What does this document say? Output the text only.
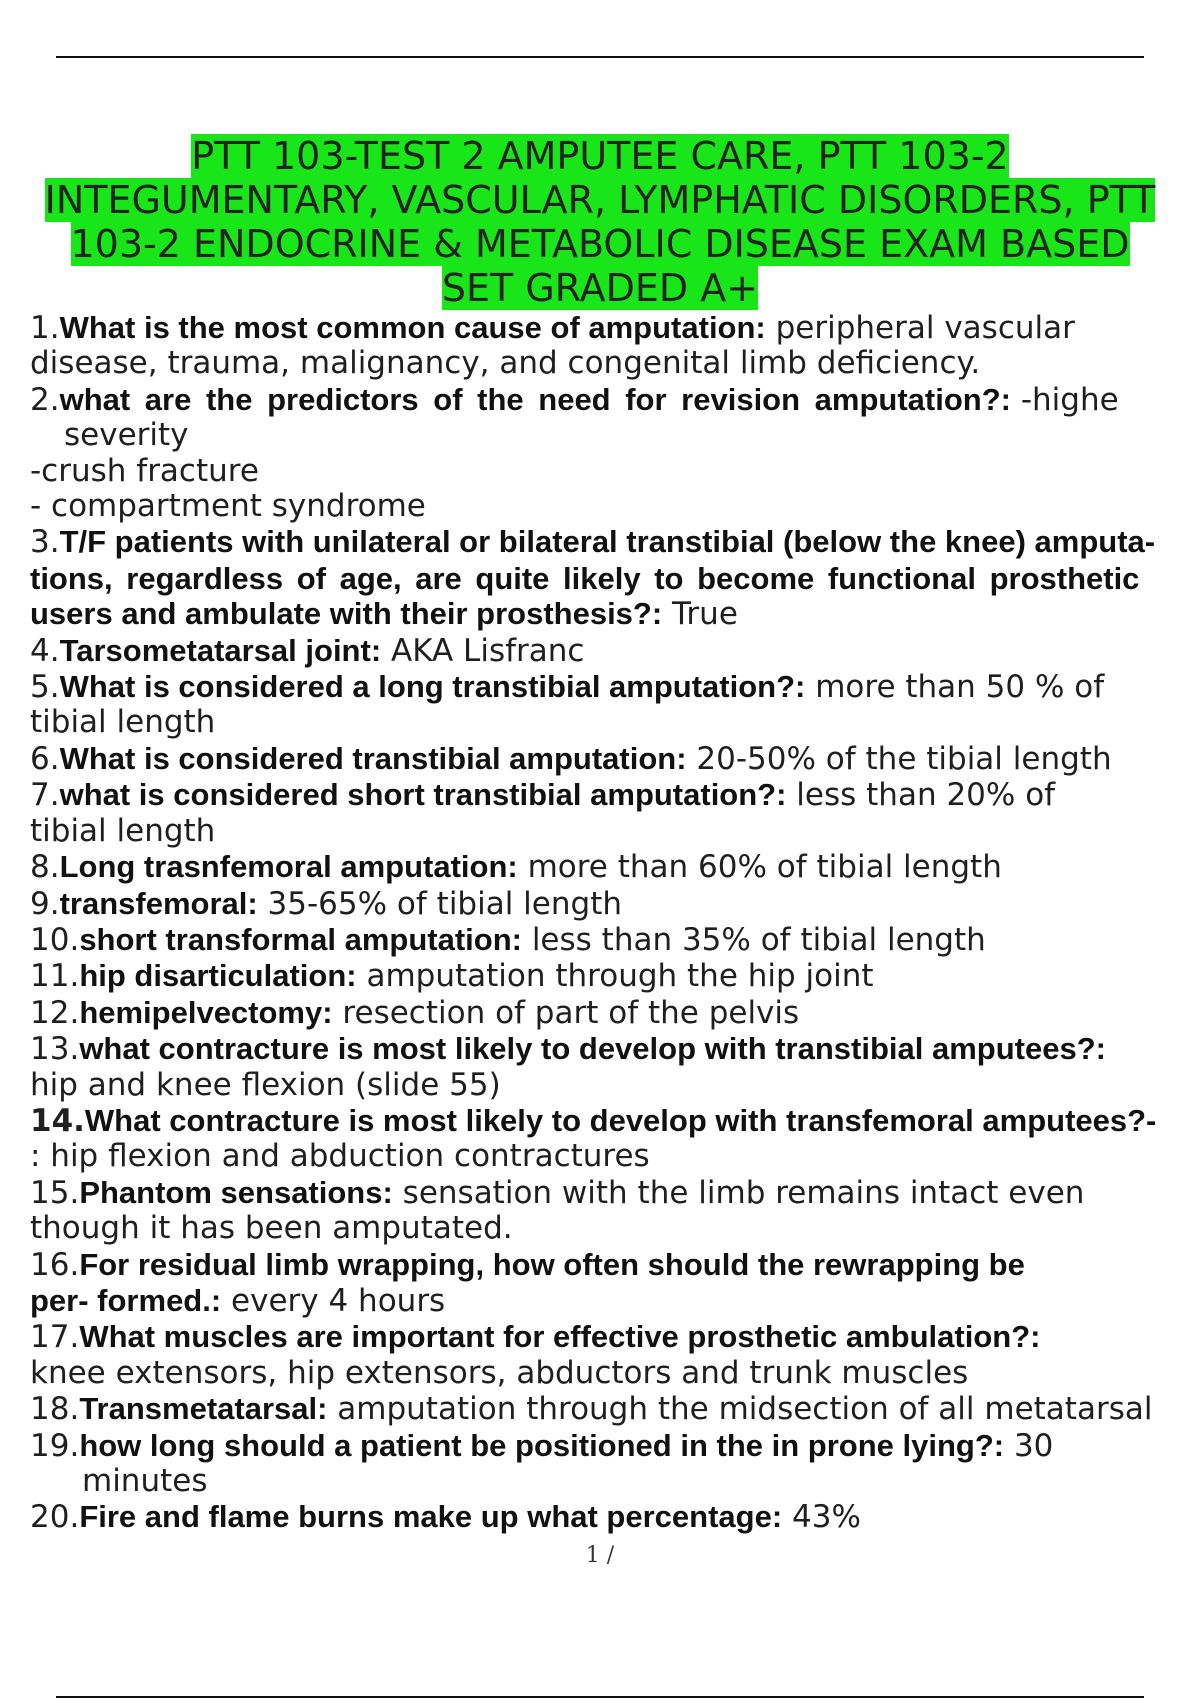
PTT 103-TEST 2 AMPUTEE CARE, PTT 103-2
INTEGUMENTARY, VASCULAR, LYMPHATIC DISORDERS, PTT
103-2 ENDOCRINE & METABOLIC DISEASE EXAM BASED
SET GRADED A+
1.What is the most common cause of amputation: peripheral vascular
disease, trauma, malignancy, and congenital limb deficiency.
2.what are the predictors of the need for revision amputation?: -highe
severity
-crush fracture
- compartment syndrome
3.T/F patients with unilateral or bilateral transtibial (below the knee) amputa-
tions, regardless of age, are quite likely to become functional prosthetic
users and ambulate with their prosthesis?: True
4.Tarsometatarsal joint: AKA Lisfranc
5.What is considered a long transtibial amputation?: more than 50 % of
tibial length
6.What is considered transtibial amputation: 20-50% of the tibial length
7.what is considered short transtibial amputation?: less than 20% of
tibial length
8.Long trasnfemoral amputation: more than 60% of tibial length
9.transfemoral: 35-65% of tibial length
10.short transformal amputation: less than 35% of tibial length
11.hip disarticulation: amputation through the hip joint
12.hemipelvectomy: resection of part of the pelvis
13.what contracture is most likely to develop with transtibial amputees?:
hip and knee flexion (slide 55)
14.What contracture is most likely to develop with transfemoral amputees?-
: hip flexion and abduction contractures
15.Phantom sensations: sensation with the limb remains intact even
though it has been amputated.
16.For residual limb wrapping, how often should the rewrapping be
per- formed.: every 4 hours
17.What muscles are important for effective prosthetic ambulation?:
knee extensors, hip extensors, abductors and trunk muscles
18.Transmetatarsal: amputation through the midsection of all metatarsal
19.how long should a patient be positioned in the in prone lying?: 30
minutes
20.Fire and flame burns make up what percentage: 43%
1 /
